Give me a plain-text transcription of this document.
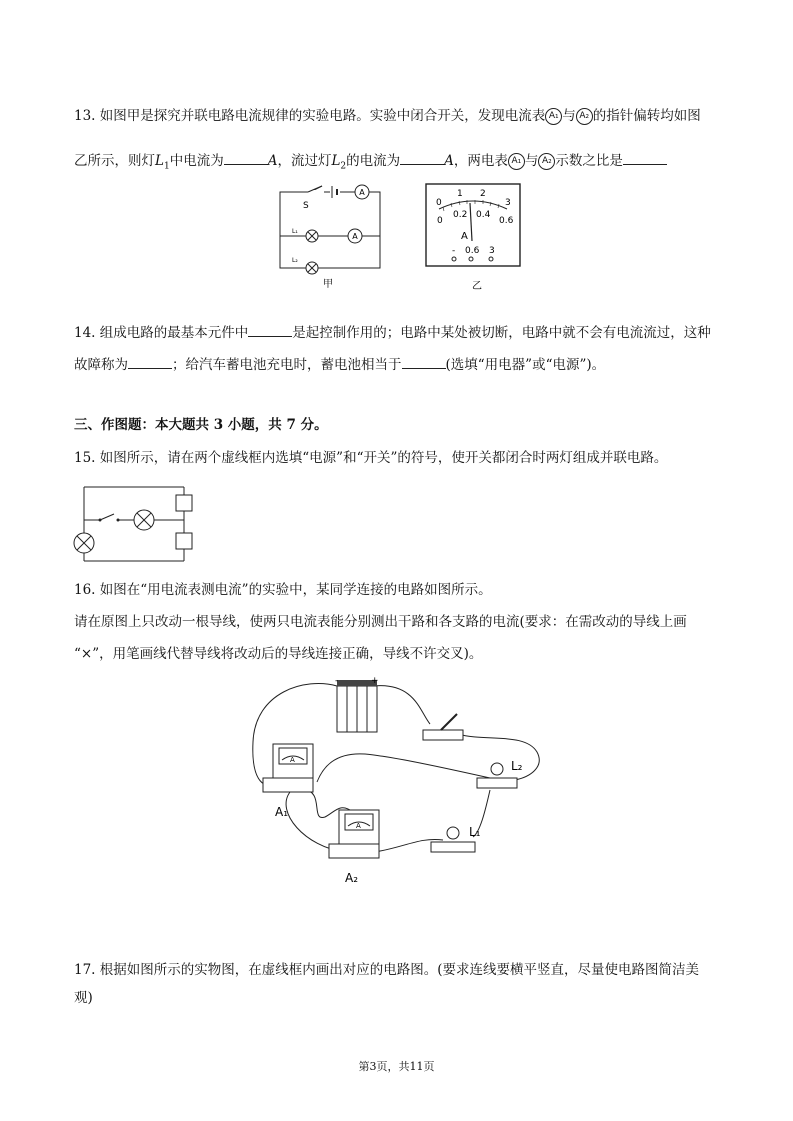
13. 如图甲是探究并联电路电流规律的实验电路。实验中闭合开关，发现电流表 A₁ 与 A₂ 的指针偏转均如图
乙所示，则灯$L_1$中电流为	A，流过灯$L_2$的电流为	A，两电表 A₁ 与 A₂ 示数之比是
A
S
A
L₁
L₂
甲
0
1 2
3
0
0.2 0.4
0.6
A
- 0.6 3
乙
14. 组成电路的最基本元件中	是起控制作用的；电路中某处被切断，电路中就不会有电流流过，这种
故障称为	；给汽车蓄电池充电时，蓄电池相当于	(选填“用电器”或“电源”)。
三、作图题：本大题共 3 小题，共 7 分。
15. 如图所示，请在两个虚线框内选填“电源”和“开关”的符号，使开关都闭合时两灯组成并联电路。
16. 如图在“用电流表测电流”的实验中，某同学连接的电路如图所示。
请在原图上只改动一根导线，使两只电流表能分别测出干路和各支路的电流(要求：在需改动的导线上画
“×”，用笔画线代替导线将改动后的导线连接正确，导线不许交叉)。
-	+
A
A₁
A
A₂
L₂
L₁
17. 根据如图所示的实物图，在虚线框内画出对应的电路图。(要求连线要横平竖直，尽量使电路图简洁美
观)
第3页，共11页
